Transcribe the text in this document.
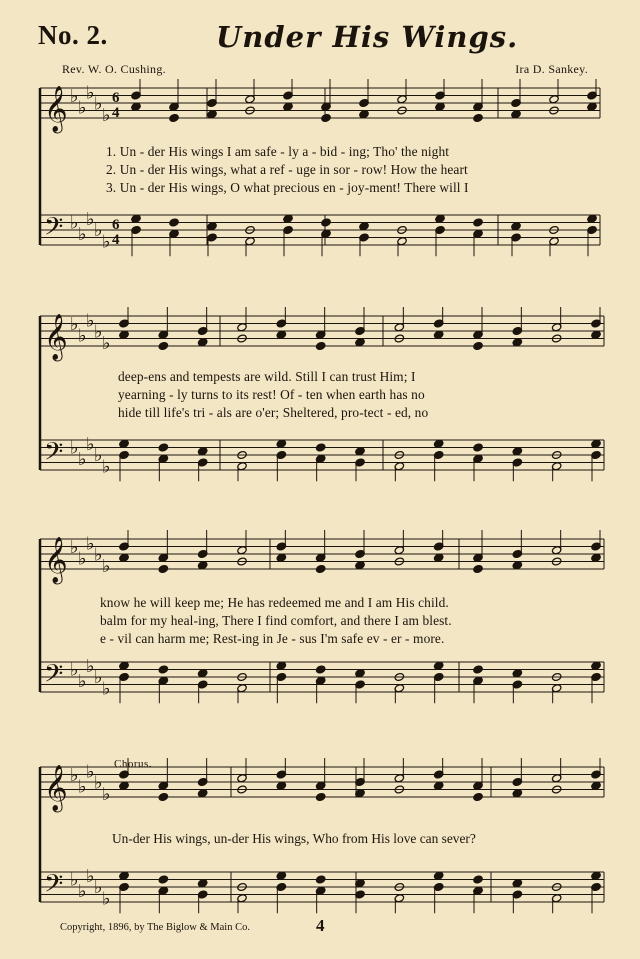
No. 2.	Under His Wings.
Rev. W. O. Cushing.	Ira D. Sankey.
𝄞
𝄢
♭
♭
♭
♭
♭
♭
♭
♭
♭
♭
6
4
6
4
𝄞
𝄢
♭
♭
♭
♭
♭
♭
♭
♭
♭
♭
𝄞
𝄢
♭
♭
♭
♭
♭
♭
♭
♭
♭
♭
𝄞
𝄢
♭
♭
♭
♭
♭
♭
♭
♭
♭
♭
1. Un - der His wings I am safe - ly a - bid - ing; Tho' the night
2. Un - der His wings, what a ref - uge in sor - row! How the heart
3. Un - der His wings, O what precious en - joy-ment! There will I
deep-ens and tempests are wild. Still I can trust Him; I
yearning - ly turns to its rest! Of - ten when earth has no
hide till life's tri - als are o'er; Sheltered, pro-tect - ed, no
know he will keep me; He has redeemed me and I am His child.
balm for my heal-ing, There I find comfort, and there I am blest.
e - vil can harm me; Rest-ing in Je - sus I'm safe ev - er - more.
Chorus.
Un-der His wings, un-der His wings, Who from His love can sever?
Copyright, 1896, by The Biglow & Main Co.	4
